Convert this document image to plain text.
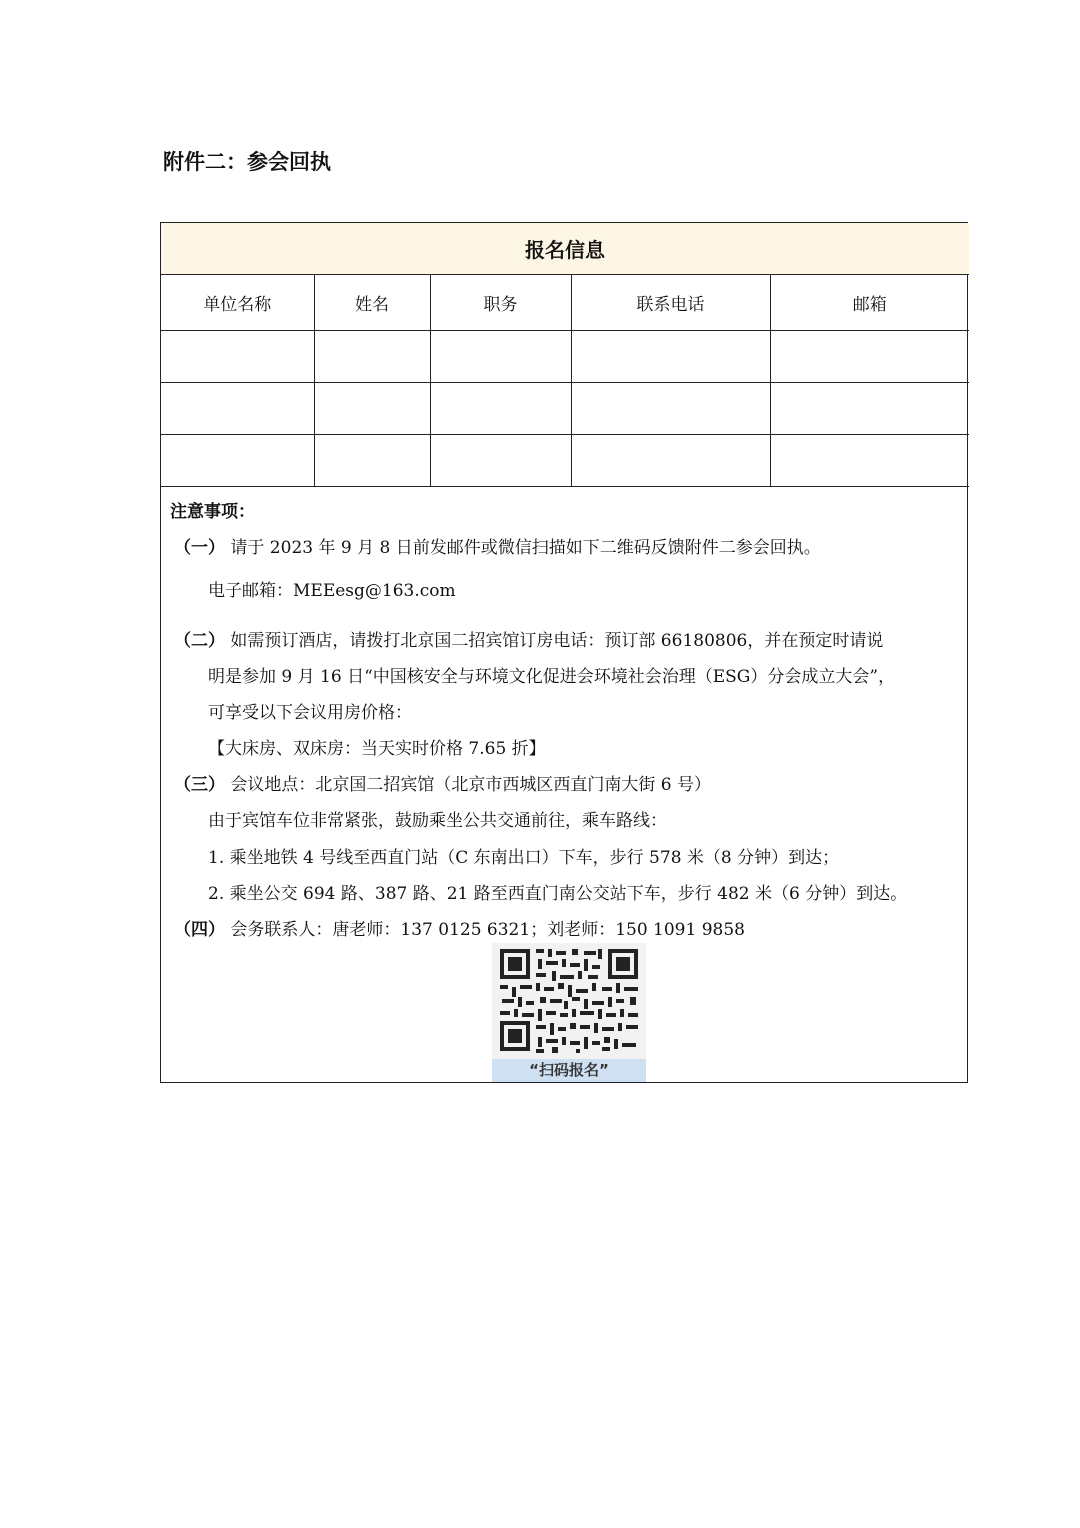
附件二：参会回执
报名信息				
单位名称	姓名	职务	联系电话	邮箱

注意事项：
（一） 请于 2023 年 9 月 8 日前发邮件或微信扫描如下二维码反馈附件二参会回执。
电子邮箱：MEEesg@163.com
（二） 如需预订酒店，请拨打北京国二招宾馆订房电话：预订部 66180806，并在预定时请说
明是参加 9 月 16 日“中国核安全与环境文化促进会环境社会治理（ESG）分会成立大会”，
可享受以下会议用房价格：
【大床房、双床房：当天实时价格 7.65 折】
（三） 会议地点：北京国二招宾馆（北京市西城区西直门南大街 6 号）
由于宾馆车位非常紧张，鼓励乘坐公共交通前往，乘车路线：
1. 乘坐地铁 4 号线至西直门站（C 东南出口）下车，步行 578 米（8 分钟）到达；
2. 乘坐公交 694 路、387 路、21 路至西直门南公交站下车，步行 482 米（6 分钟）到达。
（四） 会务联系人：唐老师：137 0125 6321；刘老师：150 1091 9858
“扫码报名”
